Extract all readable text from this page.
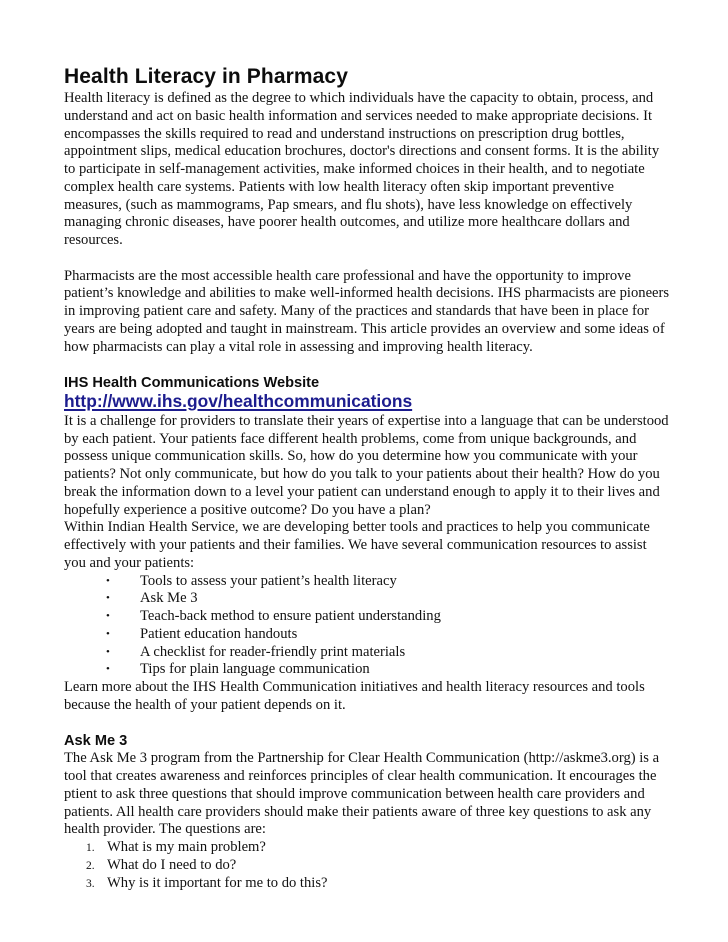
Health Literacy in Pharmacy

Health literacy is defined as the degree to which individuals have the capacity to obtain, process, and understand and act on basic health information and services needed to make appropriate decisions. It encompasses the skills required to read and understand instructions on prescription drug bottles, appointment slips, medical education brochures, doctor's directions and consent forms. It is the ability to participate in self-management activities, make informed choices in their health, and to negotiate complex health care systems. Patients with low health literacy often skip important preventive measures, (such as mammograms, Pap smears, and flu shots), have less knowledge on effectively managing chronic diseases, have poorer health outcomes, and utilize more healthcare dollars and resources.

Pharmacists are the most accessible health care professional and have the opportunity to improve patient’s knowledge and abilities to make well-informed health decisions. IHS pharmacists are pioneers in improving patient care and safety. Many of the practices and standards that have been in place for years are being adopted and taught in mainstream. This article provides an overview and some ideas of how pharmacists can play a vital role in assessing and improving health literacy.

IHS Health Communications Website
http://www.ihs.gov/healthcommunications

It is a challenge for providers to translate their years of expertise into a language that can be understood by each patient. Your patients face different health problems, come from unique backgrounds, and possess unique communication skills. So, how do you determine how you communicate with your patients? Not only communicate, but how do you talk to your patients about their health? How do you break the information down to a level your patient can understand enough to apply it to their lives and hopefully experience a positive outcome? Do you have a plan?

Within Indian Health Service, we are developing better tools and practices to help you communicate effectively with your patients and their families. We have several communication resources to assist you and your patients:

• Tools to assess your patient’s health literacy
• Ask Me 3
• Teach-back method to ensure patient understanding
• Patient education handouts
• A checklist for reader-friendly print materials
• Tips for plain language communication

Learn more about the IHS Health Communication initiatives and health literacy resources and tools because the health of your patient depends on it.

Ask Me 3

The Ask Me 3 program from the Partnership for Clear Health Communication (http://askme3.org) is a tool that creates awareness and reinforces principles of clear health communication. It encourages the ptient to ask three questions that should improve communication between health care providers and patients. All health care providers should make their patients aware of three key questions to ask any health provider. The questions are:

1. What is my main problem?
2. What do I need to do?
3. Why is it important for me to do this?
